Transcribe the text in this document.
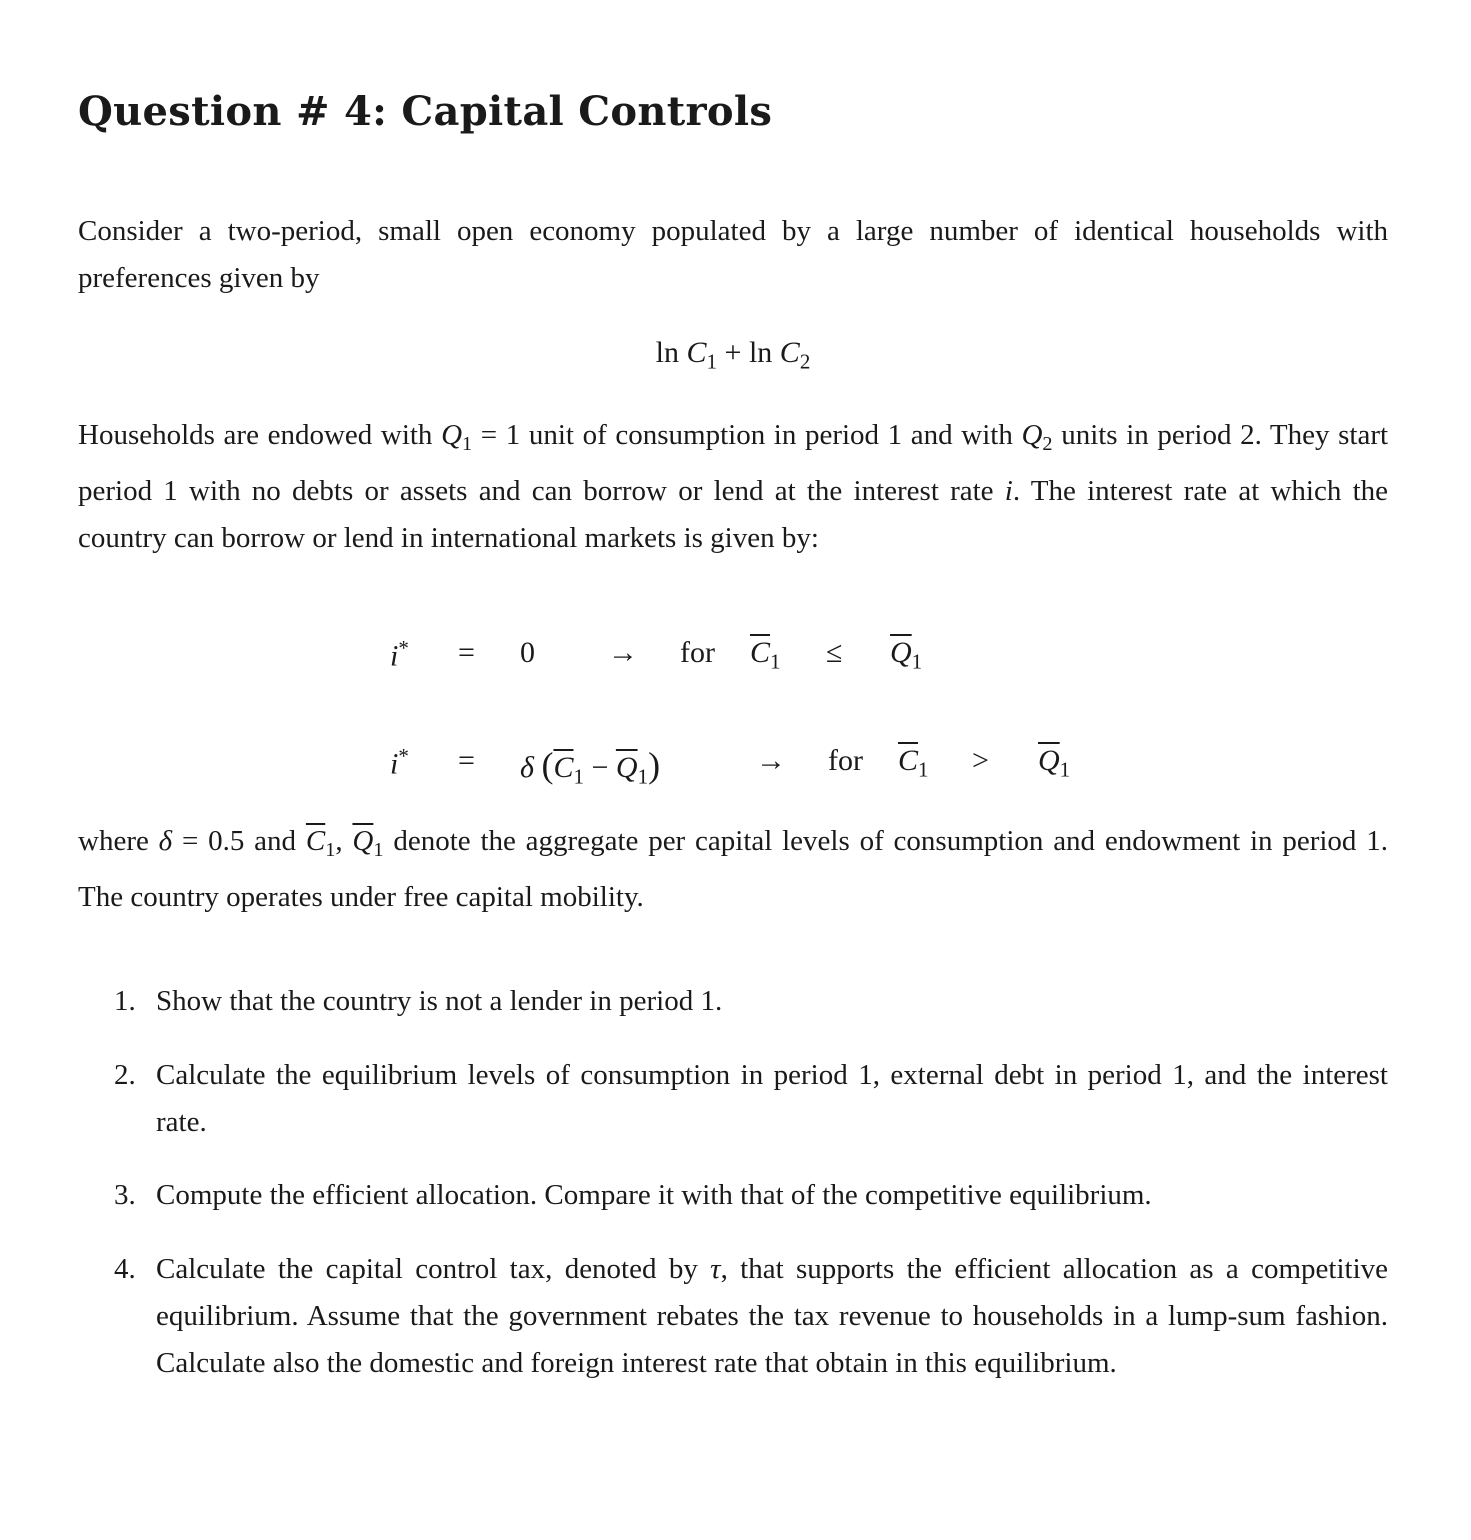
Question # 4: Capital Controls

Consider a two-period, small open economy populated by a large number of identical households with preferences given by

$\ln C_1 + \ln C_2$

Households are endowed with $Q_1 = 1$ unit of consumption in period 1 and with $Q_2$ units in period 2. They start period 1 with no debts or assets and can borrow or lend at the interest rate i. The interest rate at which the country can borrow or lend in international markets is given by:

i* = 0 → for $\overline{C}_1 \le \overline{Q}_1$
i* = δ $(\overline{C}_1 - \overline{Q}_1)$	→ for $\overline{C}_1 > \overline{Q}_1$

where δ = 0.5 and $\overline{C}_1$, $\overline{Q}_1$ denote the aggregate per capital levels of consumption and endowment in period 1. The country operates under free capital mobility.

1. Show that the country is not a lender in period 1.
2. Calculate the equilibrium levels of consumption in period 1, external debt in period 1, and the interest rate.
3. Compute the efficient allocation. Compare it with that of the competitive equilibrium.
4. Calculate the capital control tax, denoted by τ, that supports the efficient allocation as a competitive equilibrium. Assume that the government rebates the tax revenue to households in a lump-sum fashion. Calculate also the domestic and foreign interest rate that obtain in this equilibrium.
